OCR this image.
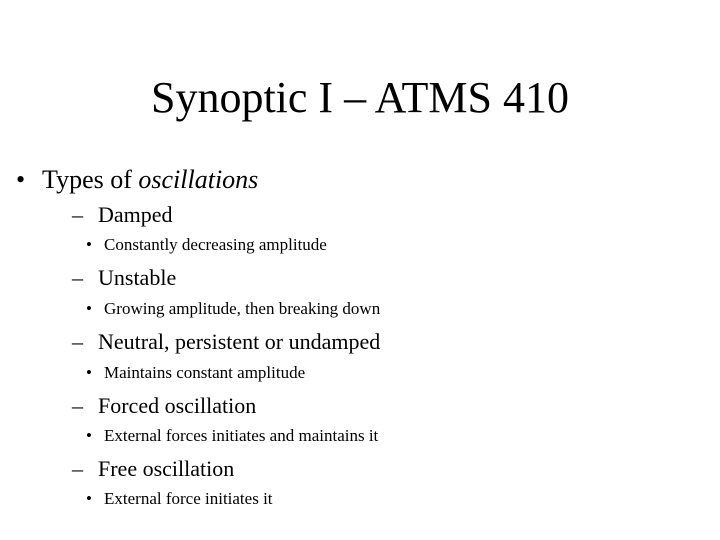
Synoptic I – ATMS 410
• Types of oscillations
– Damped
• Constantly decreasing amplitude
– Unstable
• Growing amplitude, then breaking down
– Neutral, persistent or undamped
• Maintains constant amplitude
– Forced oscillation
• External forces initiates and maintains it
– Free oscillation
• External force initiates it
